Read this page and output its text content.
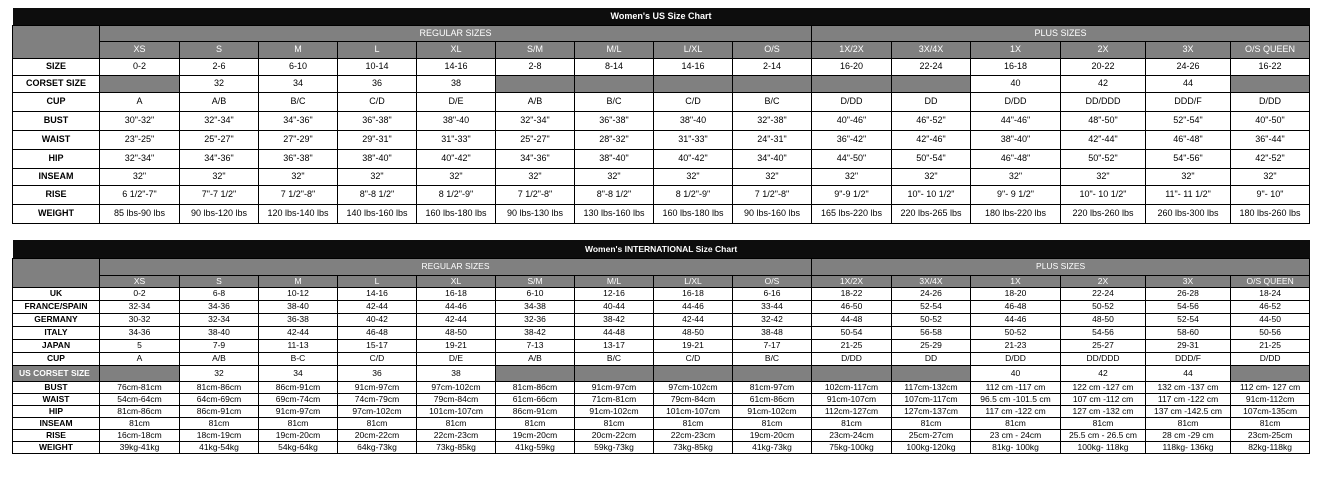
Women's US Size Chart															
	REGULAR SIZES									PLUS SIZES					
	XS	S	M	L	XL	S/M	M/L	L/XL	O/S	1X/2X	3X/4X	1X	2X	3X	O/S QUEEN
SIZE	0-2	2-6	6-10	10-14	14-16	2-8	8-14	14-16	2-14	16-20	22-24	16-18	20-22	24-26	16-22
CORSET SIZE		32	34	36	38							40	42	44	
CUP	A	A/B	B/C	C/D	D/E	A/B	B/C	C/D	B/C	D/DD	DD	D/DD	DD/DDD	DDD/F	D/DD
BUST	30"-32"	32"-34"	34"-36"	36"-38"	38"-40	32"-34"	36"-38"	38"-40	32"-38"	40"-46"	46"-52"	44"-46"	48"-50"	52"-54"	40"-50"
WAIST	23"-25"	25"-27"	27"-29"	29"-31"	31"-33"	25"-27"	28"-32"	31"-33"	24"-31"	36"-42"	42"-46"	38"-40"	42"-44"	46"-48"	36"-44"
HIP	32"-34"	34"-36"	36"-38"	38"-40"	40"-42"	34"-36"	38"-40"	40"-42"	34"-40"	44"-50"	50"-54"	46"-48"	50"-52"	54"-56"	42"-52"
INSEAM	32"	32"	32"	32"	32"	32"	32"	32"	32"	32"	32"	32"	32"	32"	32"
RISE	6 1/2"-7"	7"-7 1/2"	7 1/2"-8"	8"-8 1/2"	8 1/2"-9"	7 1/2"-8"	8"-8 1/2"	8 1/2"-9"	7 1/2"-8"	9"-9 1/2"	10"- 10 1/2"	9"- 9 1/2"	10"- 10 1/2"	11"- 11 1/2"	9"- 10"
WEIGHT	85 lbs-90 lbs	90 lbs-120 lbs	120 lbs-140 lbs	140 lbs-160 lbs	160 lbs-180 lbs	90 lbs-130 lbs	130 lbs-160 lbs	160 lbs-180 lbs	90 lbs-160 lbs	165 lbs-220 lbs	220 lbs-265 lbs	180 lbs-220 lbs	220 lbs-260 lbs	260 lbs-300 lbs	180 lbs-260 lbs
Women's INTERNATIONAL Size Chart															
	REGULAR SIZES									PLUS SIZES					
	XS	S	M	L	XL	S/M	M/L	L/XL	O/S	1X/2X	3X/4X	1X	2X	3X	O/S QUEEN
UK	0-2	6-8	10-12	14-16	16-18	6-10	12-16	16-18	6-16	18-22	24-26	18-20	22-24	26-28	18-24
FRANCE/SPAIN	32-34	34-36	38-40	42-44	44-46	34-38	40-44	44-46	33-44	46-50	52-54	46-48	50-52	54-56	46-52
GERMANY	30-32	32-34	36-38	40-42	42-44	32-36	38-42	42-44	32-42	44-48	50-52	44-46	48-50	52-54	44-50
ITALY	34-36	38-40	42-44	46-48	48-50	38-42	44-48	48-50	38-48	50-54	56-58	50-52	54-56	58-60	50-56
JAPAN	5	7-9	11-13	15-17	19-21	7-13	13-17	19-21	7-17	21-25	25-29	21-23	25-27	29-31	21-25
CUP	A	A/B	B-C	C/D	D/E	A/B	B/C	C/D	B/C	D/DD	DD	D/DD	DD/DDD	DDD/F	D/DD
US CORSET SIZE		32	34	36	38							40	42	44	
BUST	76cm-81cm	81cm-86cm	86cm-91cm	91cm-97cm	97cm-102cm	81cm-86cm	91cm-97cm	97cm-102cm	81cm-97cm	102cm-117cm	117cm-132cm	112 cm -117 cm	122 cm -127 cm	132 cm -137 cm	112 cm- 127 cm
WAIST	54cm-64cm	64cm-69cm	69cm-74cm	74cm-79cm	79cm-84cm	61cm-66cm	71cm-81cm	79cm-84cm	61cm-86cm	91cm-107cm	107cm-117cm	96.5 cm -101.5 cm	107 cm -112 cm	117 cm -122 cm	91cm-112cm
HIP	81cm-86cm	86cm-91cm	91cm-97cm	97cm-102cm	101cm-107cm	86cm-91cm	91cm-102cm	101cm-107cm	91cm-102cm	112cm-127cm	127cm-137cm	117 cm -122 cm	127 cm -132 cm	137 cm -142.5 cm	107cm-135cm
INSEAM	81cm	81cm	81cm	81cm	81cm	81cm	81cm	81cm	81cm	81cm	81cm	81cm	81cm	81cm	81cm
RISE	16cm-18cm	18cm-19cm	19cm-20cm	20cm-22cm	22cm-23cm	19cm-20cm	20cm-22cm	22cm-23cm	19cm-20cm	23cm-24cm	25cm-27cm	23 cm - 24cm	25.5 cm - 26.5 cm	28 cm -29 cm	23cm-25cm
WEIGHT	39kg-41kg	41kg-54kg	54kg-64kg	64kg-73kg	73kg-85kg	41kg-59kg	59kg-73kg	73kg-85kg	41kg-73kg	75kg-100kg	100kg-120kg	81kg- 100kg	100kg- 118kg	118kg- 136kg	82kg-118kg
